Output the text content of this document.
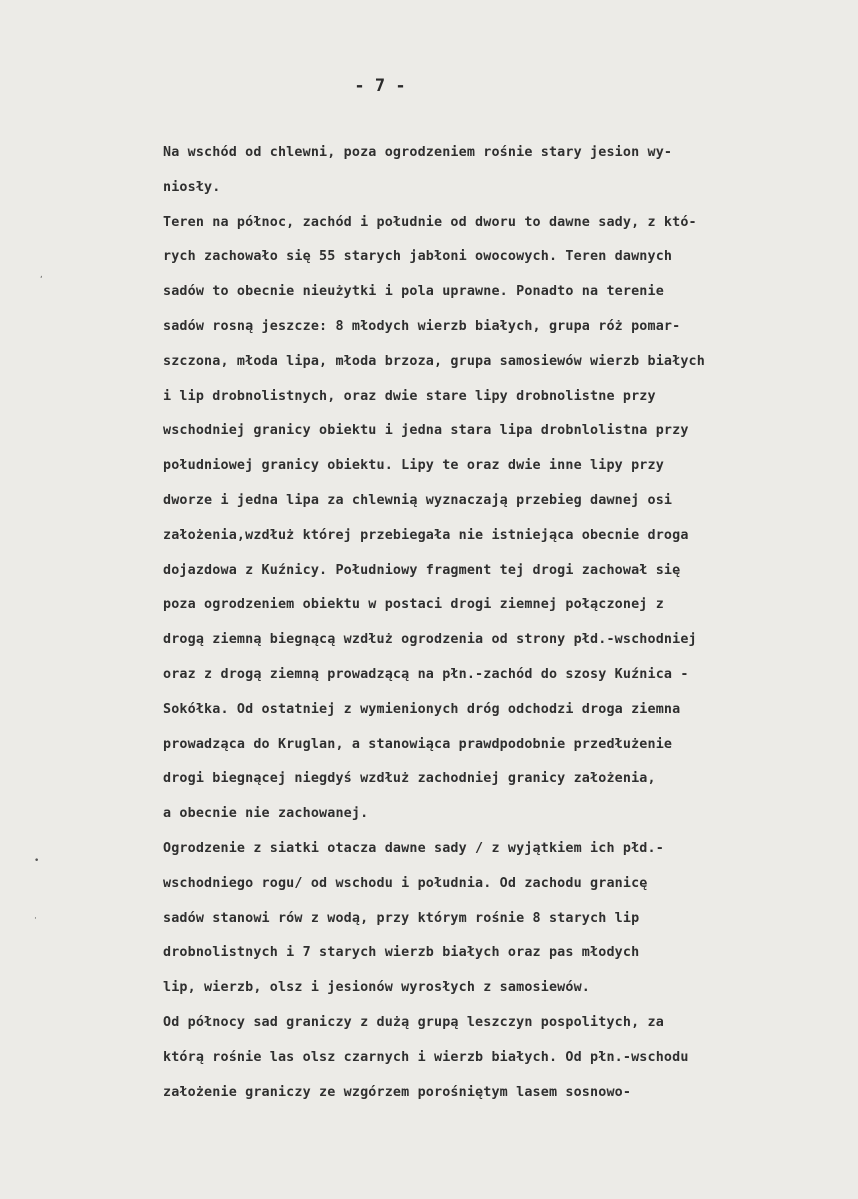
- 7 -
ʹ
•
·
Na wschód od chlewni, poza ogrodzeniem rośnie stary jesion wy-
niosły.
Teren na północ, zachód i południe od dworu to dawne sady, z któ-
rych zachowało się 55 starych jabłoni owocowych. Teren dawnych
sadów to obecnie nieużytki i pola uprawne. Ponadto na terenie
sadów rosną jeszcze: 8 młodych wierzb białych, grupa róż pomar-
szczona, młoda lipa, młoda brzoza, grupa samosiewów wierzb białych
i lip drobnolistnych, oraz dwie stare lipy drobnolistne przy
wschodniej granicy obiektu i jedna stara lipa drobnlolistna przy
południowej granicy obiektu. Lipy te oraz dwie inne lipy przy
dworze i jedna lipa za chlewnią wyznaczają przebieg dawnej osi
założenia,wzdłuż której przebiegała nie istniejąca obecnie droga
dojazdowa z Kuźnicy. Południowy fragment tej drogi zachował się
poza ogrodzeniem obiektu w postaci drogi ziemnej połączonej z
drogą ziemną biegnącą wzdłuż ogrodzenia od strony płd.-wschodniej
oraz z drogą ziemną prowadzącą na płn.-zachód do szosy Kuźnica -
Sokółka. Od ostatniej z wymienionych dróg odchodzi droga ziemna
prowadząca do Kruglan, a stanowiąca prawdpodobnie przedłużenie
drogi biegnącej niegdyś wzdłuż zachodniej granicy założenia,
a obecnie nie zachowanej.
Ogrodzenie z siatki otacza dawne sady / z wyjątkiem ich płd.-
wschodniego rogu/ od wschodu i południa. Od zachodu granicę
sadów stanowi rów z wodą, przy którym rośnie 8 starych lip
drobnolistnych i 7 starych wierzb białych oraz pas młodych
lip, wierzb, olsz i jesionów wyrosłych z samosiewów.
Od północy sad graniczy z dużą grupą leszczyn pospolitych, za
którą rośnie las olsz czarnych i wierzb białych. Od płn.-wschodu
założenie graniczy ze wzgórzem porośniętym lasem sosnowo-
